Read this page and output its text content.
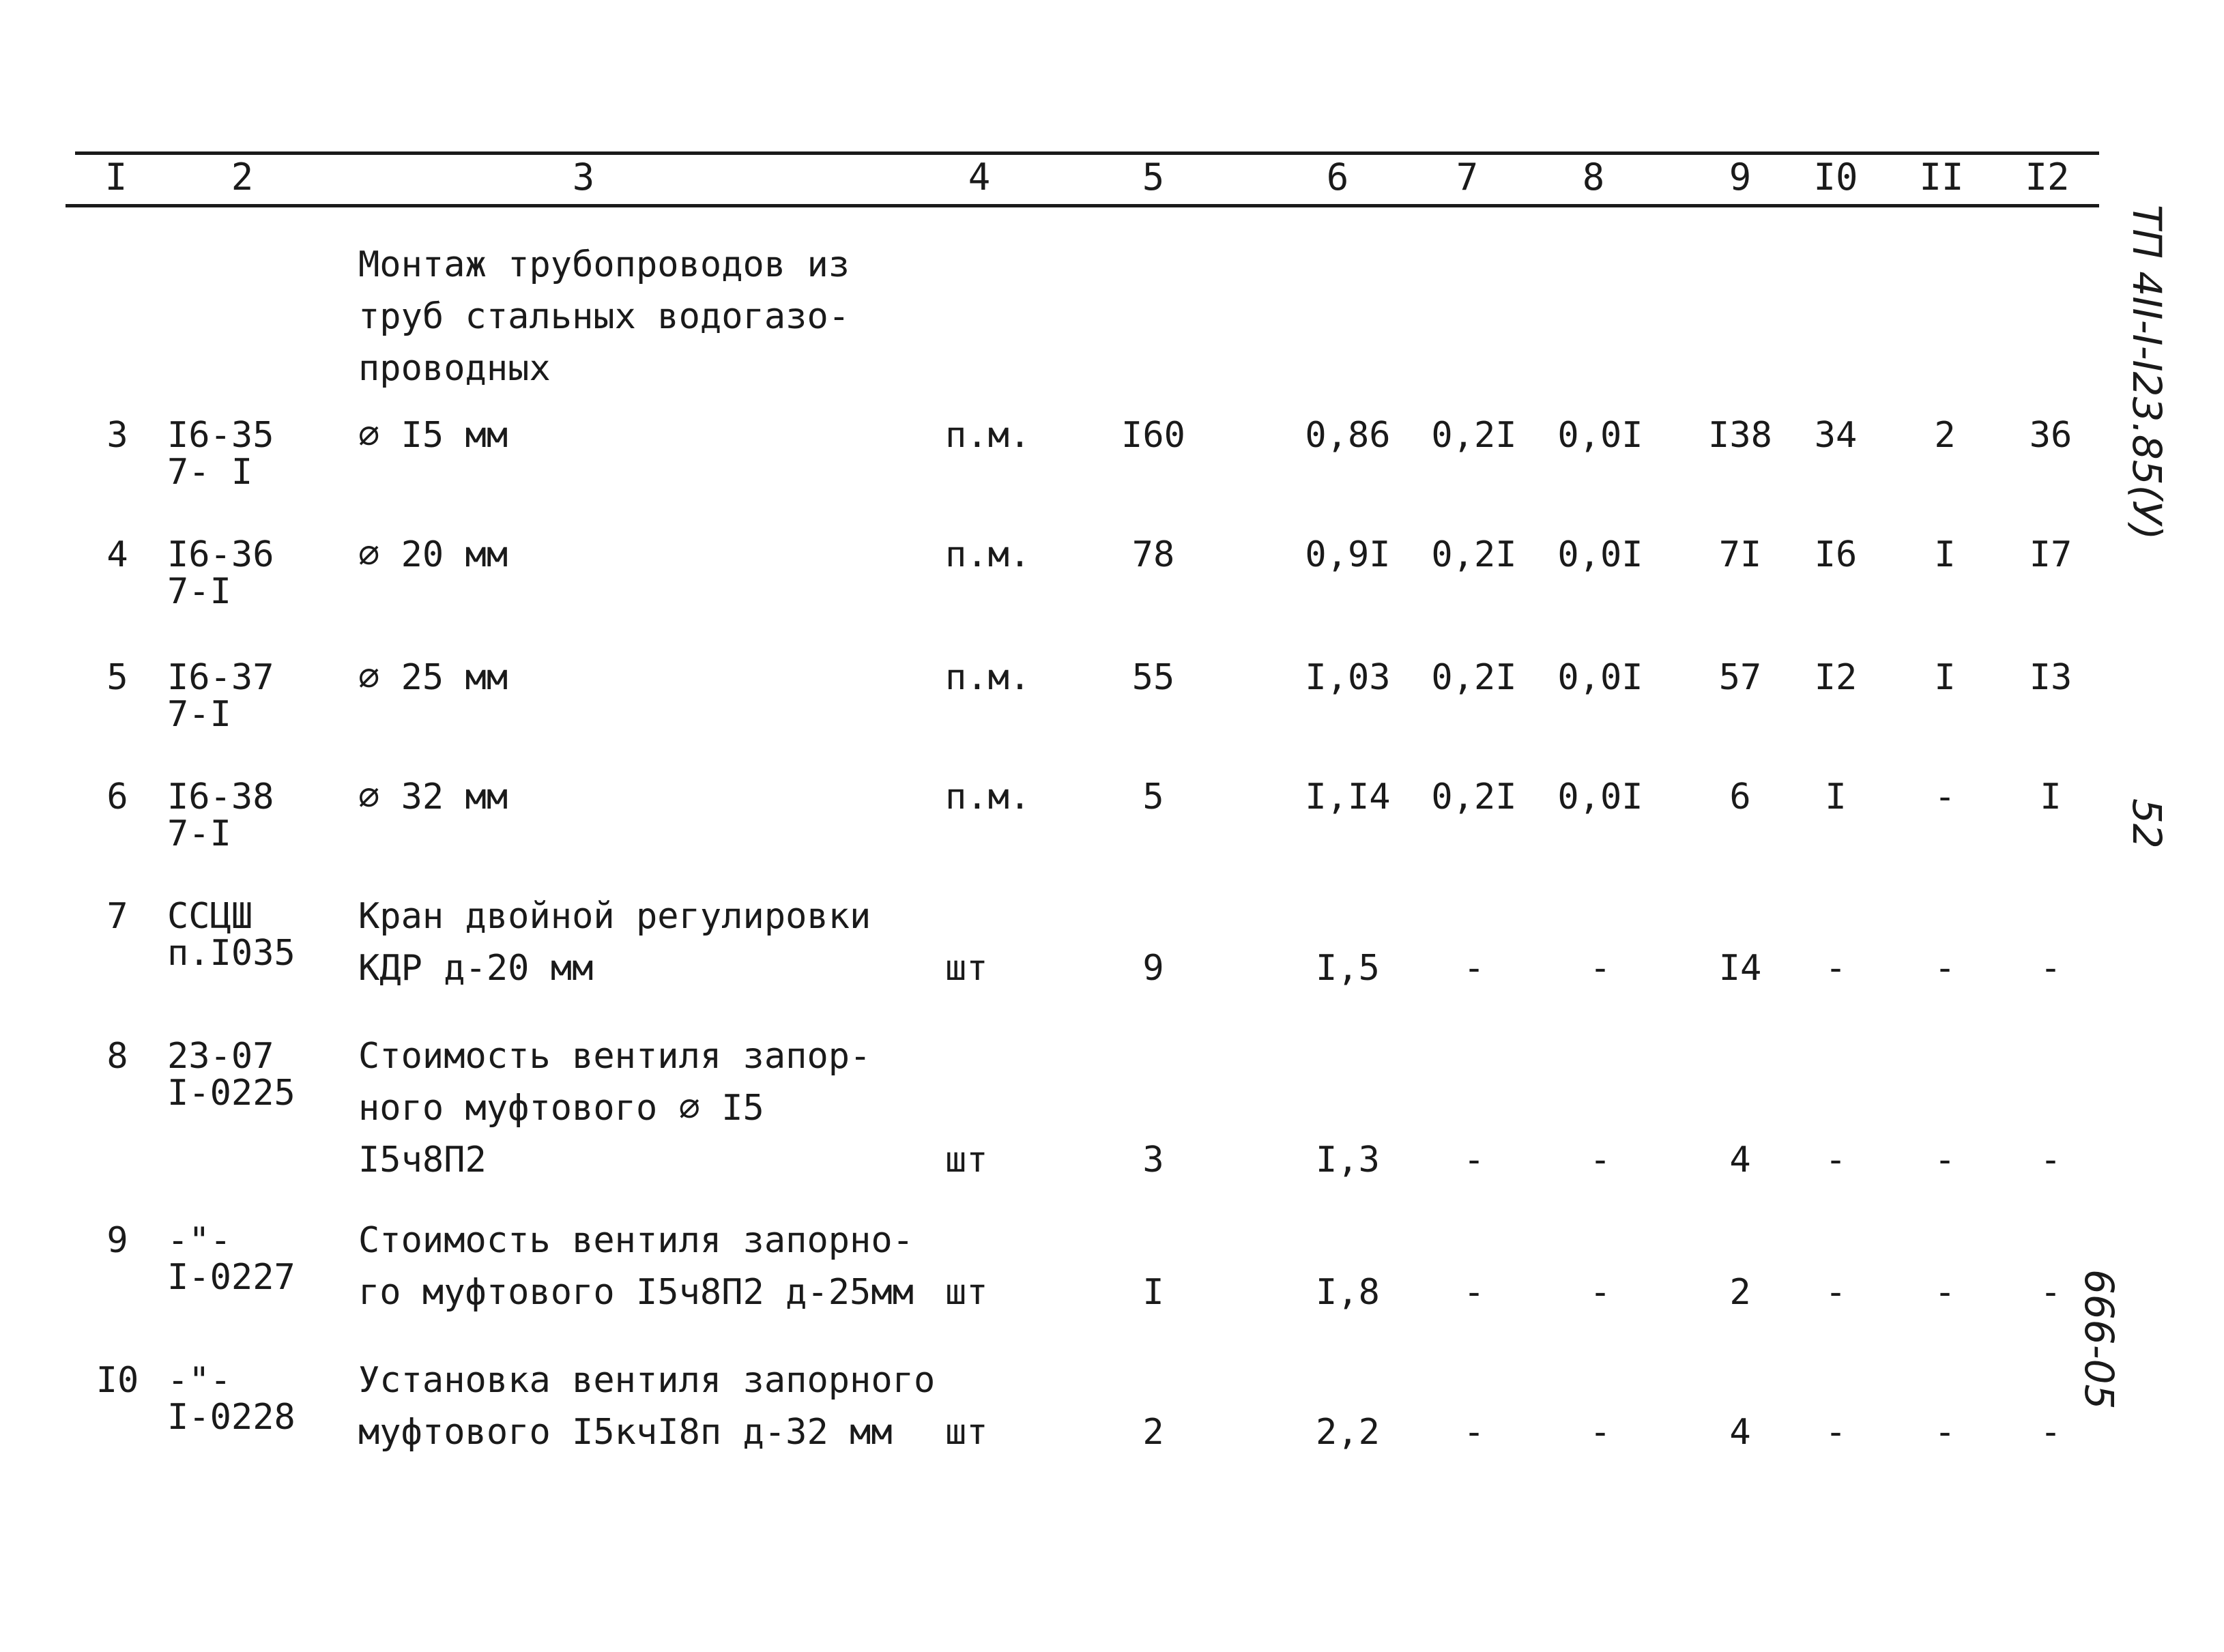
I	2	3	4	5	6	7	8	9	I0	II	I2
Монтаж трубопроводов из
труб стальных водогазо-
проводных
3	I6-35
7- I
∅ I5 мм	п.м.	I60	0,86	0,2I	0,0I	I38	34	2	36
4	I6-36
7-I
∅ 20 мм	п.м.	78	0,9I	0,2I	0,0I	7I	I6	I	I7
5	I6-37
7-I
∅ 25 мм	п.м.	55	I,03	0,2I	0,0I	57	I2	I	I3
6	I6-38
7-I
∅ 32 мм	п.м.	5	I,I4	0,2I	0,0I	6	I	-	I
7	ССЦШ
п.I035
Кран двойной регулировки
КДР д-20 мм	шт	9	I,5	-	-	I4	-	-	-
8	23-07
I-0225
Стоимость вентиля запор-
ного муфтового ∅ I5
I5ч8П2	шт	3	I,3	-	-	4	-	-	-
9	-"-
I-0227
Стоимость вентиля запорно-
го муфтового I5ч8П2 д-25мм шт	I	I,8	-	-	2	-	-	-
I0 -"-
I-0228
Установка вентиля запорного
муфтового I5кчI8п д-32 мм шт	2	2,2	-	-	4	-	-	-
ТП 4II-I-I23.85(У)
52
666-05
